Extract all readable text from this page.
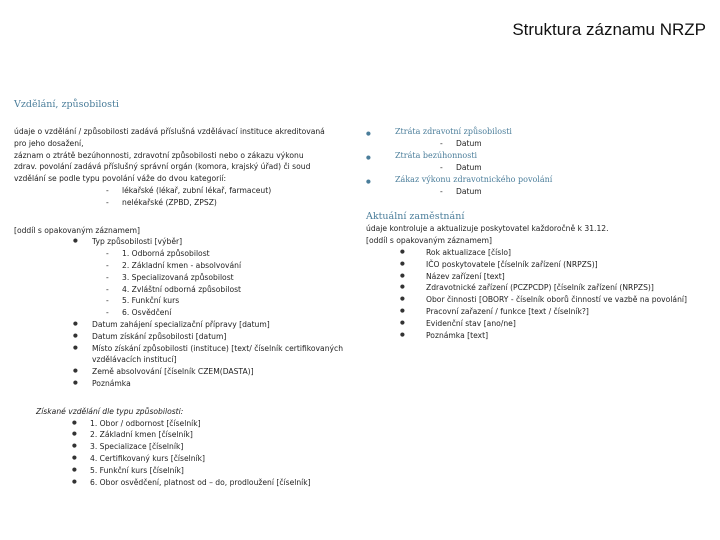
Struktura záznamu NRZP
Vzdělání, způsobilosti
údaje o vzdělání / způsobilosti zadává příslušná vzdělávací instituce akreditovaná
pro jeho dosažení,
záznam o ztrátě bezúhonnosti, zdravotní způsobilosti nebo o zákazu výkonu
zdrav. povolání zadává příslušný správní orgán (komora, krajský úřad) či soud
vzdělání se podle typu povolání váže do dvou kategorií:
- lékařské (lékař, zubní lékař, farmaceut)
- nelékařské (ZPBD, ZPSZ)
[oddíl s opakovaným záznamem]
● Typ způsobilosti [výběr]
- 1. Odborná způsobilost
- 2. Základní kmen - absolvování
- 3. Specializovaná způsobilost
- 4. Zvláštní odborná způsobilost
- 5. Funkční kurs
- 6. Osvědčení
● Datum zahájení specializační přípravy [datum]
● Datum získání způsobilosti [datum]
● Místo získání způsobilosti (instituce) [text/ číselník certifikovaných
vzdělávacích institucí]
● Země absolvování [číselník CZEM(DASTA)]
● Poznámka
Získané vzdělání dle typu způsobilosti:
● 1. Obor / odbornost [číselník]
● 2. Základní kmen [číselník]
● 3. Specializace [číselník]
● 4. Certifikovaný kurs [číselník]
● 5. Funkční kurs [číselník]
● 6. Obor osvědčení, platnost od – do, prodloužení [číselník]
● Ztráta zdravotní způsobilosti
- Datum
● Ztráta bezúhonnosti
- Datum
● Zákaz výkonu zdravotnického povolání
- Datum
Aktuální zaměstnání
údaje kontroluje a aktualizuje poskytovatel každoročně k 31.12.
[oddíl s opakovaným záznamem]
● Rok aktualizace [číslo]
● IČO poskytovatele [číselník zařízení (NRPZS)]
● Název zařízení [text]
● Zdravotnické zařízení (PCZPCDP) [číselník zařízení (NRPZS)]
● Obor činnosti [OBORY - číselník oborů činností ve vazbě na povolání]
● Pracovní zařazení / funkce [text / číselník?]
● Evidenční stav [ano/ne]
● Poznámka [text]
